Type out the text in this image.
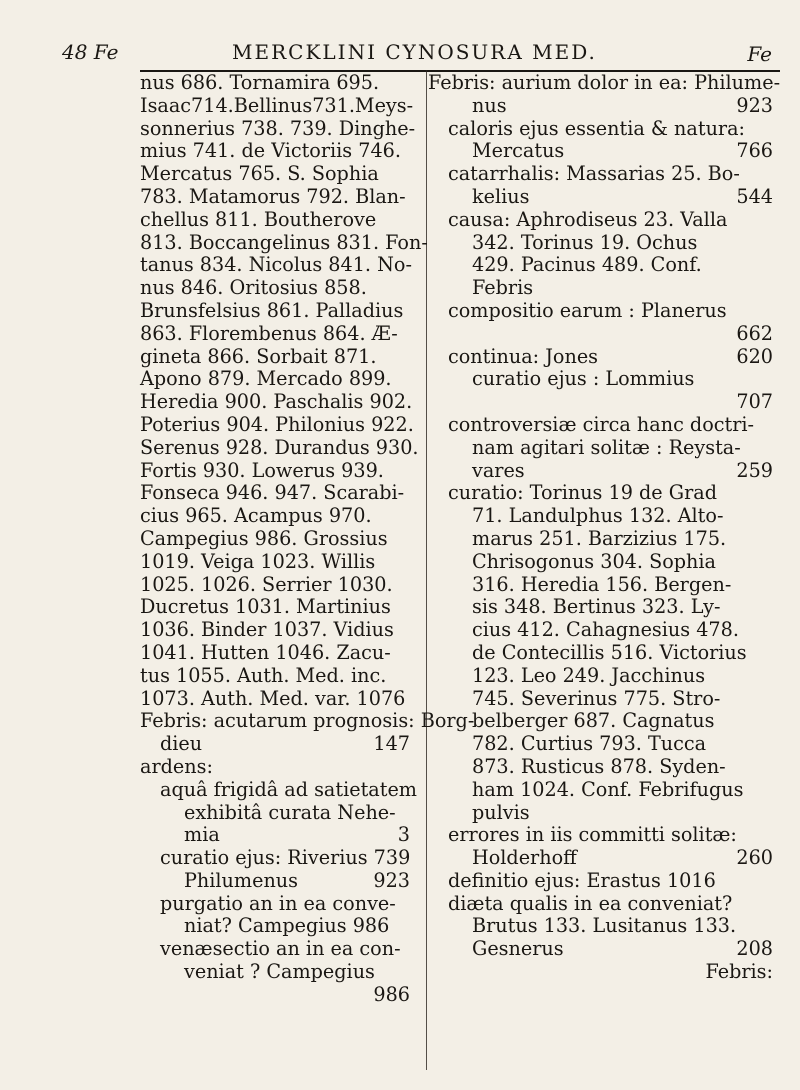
48 Fe	MERCKLINI CYNOSURA MED.	Fe
nus 686. Tornamira 695.
Isaac714.Bellinus731.Meys-
sonnerius 738. 739. Dinghe-
mius 741. de Victoriis 746.
Mercatus 765. S. Sophia
783. Matamorus 792. Blan-
chellus 811. Boutherove
813. Boccangelinus 831. Fon-
tanus 834. Nicolus 841. No-
nus 846. Oritosius 858.
Brunsfelsius 861. Palladius
863. Florembenus 864. Æ-
gineta 866. Sorbait 871.
Apono 879. Mercado 899.
Heredia 900. Paschalis 902.
Poterius 904. Philonius 922.
Serenus 928. Durandus 930.
Fortis 930. Lowerus 939.
Fonseca 946. 947. Scarabi-
cius 965. Acampus 970.
Campegius 986. Grossius
1019. Veiga 1023. Willis
1025. 1026. Serrier 1030.
Ducretus 1031. Martinius
1036. Binder 1037. Vidius
1041. Hutten 1046. Zacu-
tus 1055. Auth. Med. inc.
1073. Auth. Med. var. 1076
Febris: acutarum prognosis: Borg-
dieu	147
ardens:
aquâ frigidâ ad satietatem
exhibitâ curata Nehe-
mia	3
curatio ejus: Riverius 739
Philumenus	923
purgatio an in ea conve-
niat? Campegius 986
venæsectio an in ea con-
veniat ? Campegius
986
Febris: aurium dolor in ea: Philume-
nus	923
caloris ejus essentia & natura:
Mercatus	766
catarrhalis: Massarias 25. Bo-
kelius	544
causa: Aphrodiseus 23. Valla
342. Torinus 19. Ochus
429. Pacinus 489. Conf.
Febris
compositio earum : Planerus
662
continua: Jones	620
curatio ejus : Lommius
707
controversiæ circa hanc doctri-
nam agitari solitæ : Reysta-
vares	259
curatio: Torinus 19 de Grad
71. Landulphus 132. Alto-
marus 251. Barzizius 175.
Chrisogonus 304. Sophia
316. Heredia 156. Bergen-
sis 348. Bertinus 323. Ly-
cius 412. Cahagnesius 478.
de Contecillis 516. Victorius
123. Leo 249. Jacchinus
745. Severinus 775. Stro-
belberger 687. Cagnatus
782. Curtius 793. Tucca
873. Rusticus 878. Syden-
ham 1024. Conf. Febrifugus
pulvis
errores in iis committi solitæ:
Holderhoff	260
definitio ejus: Erastus 1016
diæta qualis in ea conveniat?
Brutus 133. Lusitanus 133.
Gesnerus	208
Febris:
